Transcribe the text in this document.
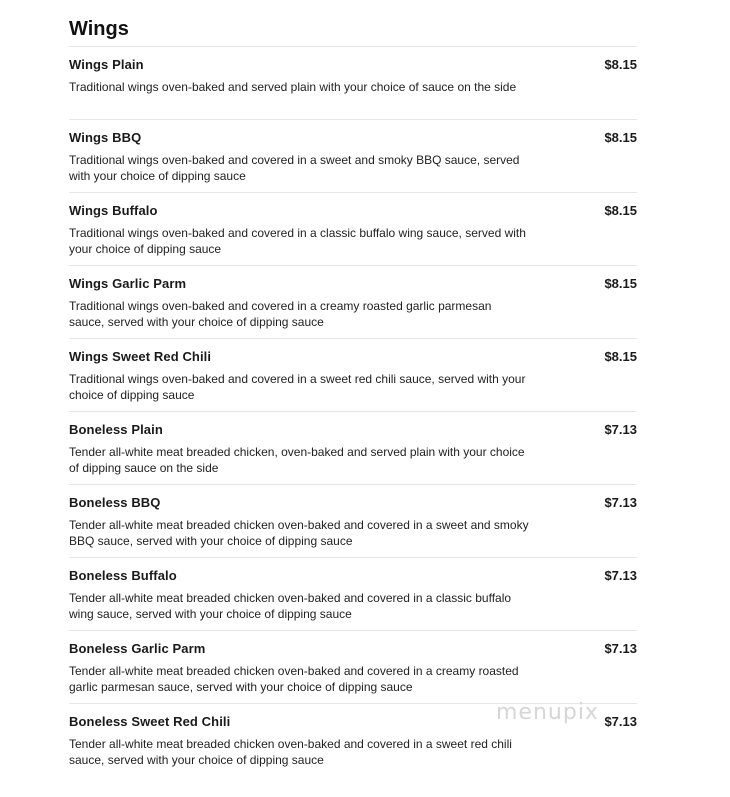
Wings
Wings Plain	$8.15
Traditional wings oven-baked and served plain with your choice of sauce on the side
Wings BBQ	$8.15
Traditional wings oven-baked and covered in a sweet and smoky BBQ sauce, served with your choice of dipping sauce
Wings Buffalo	$8.15
Traditional wings oven-baked and covered in a classic buffalo wing sauce, served with your choice of dipping sauce
Wings Garlic Parm	$8.15
Traditional wings oven-baked and covered in a creamy roasted garlic parmesan sauce, served with your choice of dipping sauce
Wings Sweet Red Chili	$8.15
Traditional wings oven-baked and covered in a sweet red chili sauce, served with your choice of dipping sauce
Boneless Plain	$7.13
Tender all-white meat breaded chicken, oven-baked and served plain with your choice of dipping sauce on the side
Boneless BBQ	$7.13
Tender all-white meat breaded chicken oven-baked and covered in a sweet and smoky BBQ sauce, served with your choice of dipping sauce
Boneless Buffalo	$7.13
Tender all-white meat breaded chicken oven-baked and covered in a classic buffalo wing sauce, served with your choice of dipping sauce
Boneless Garlic Parm	$7.13
Tender all-white meat breaded chicken oven-baked and covered in a creamy roasted garlic parmesan sauce, served with your choice of dipping sauce
Boneless Sweet Red Chili	$7.13
Tender all-white meat breaded chicken oven-baked and covered in a sweet red chili sauce, served with your choice of dipping sauce
menupix
